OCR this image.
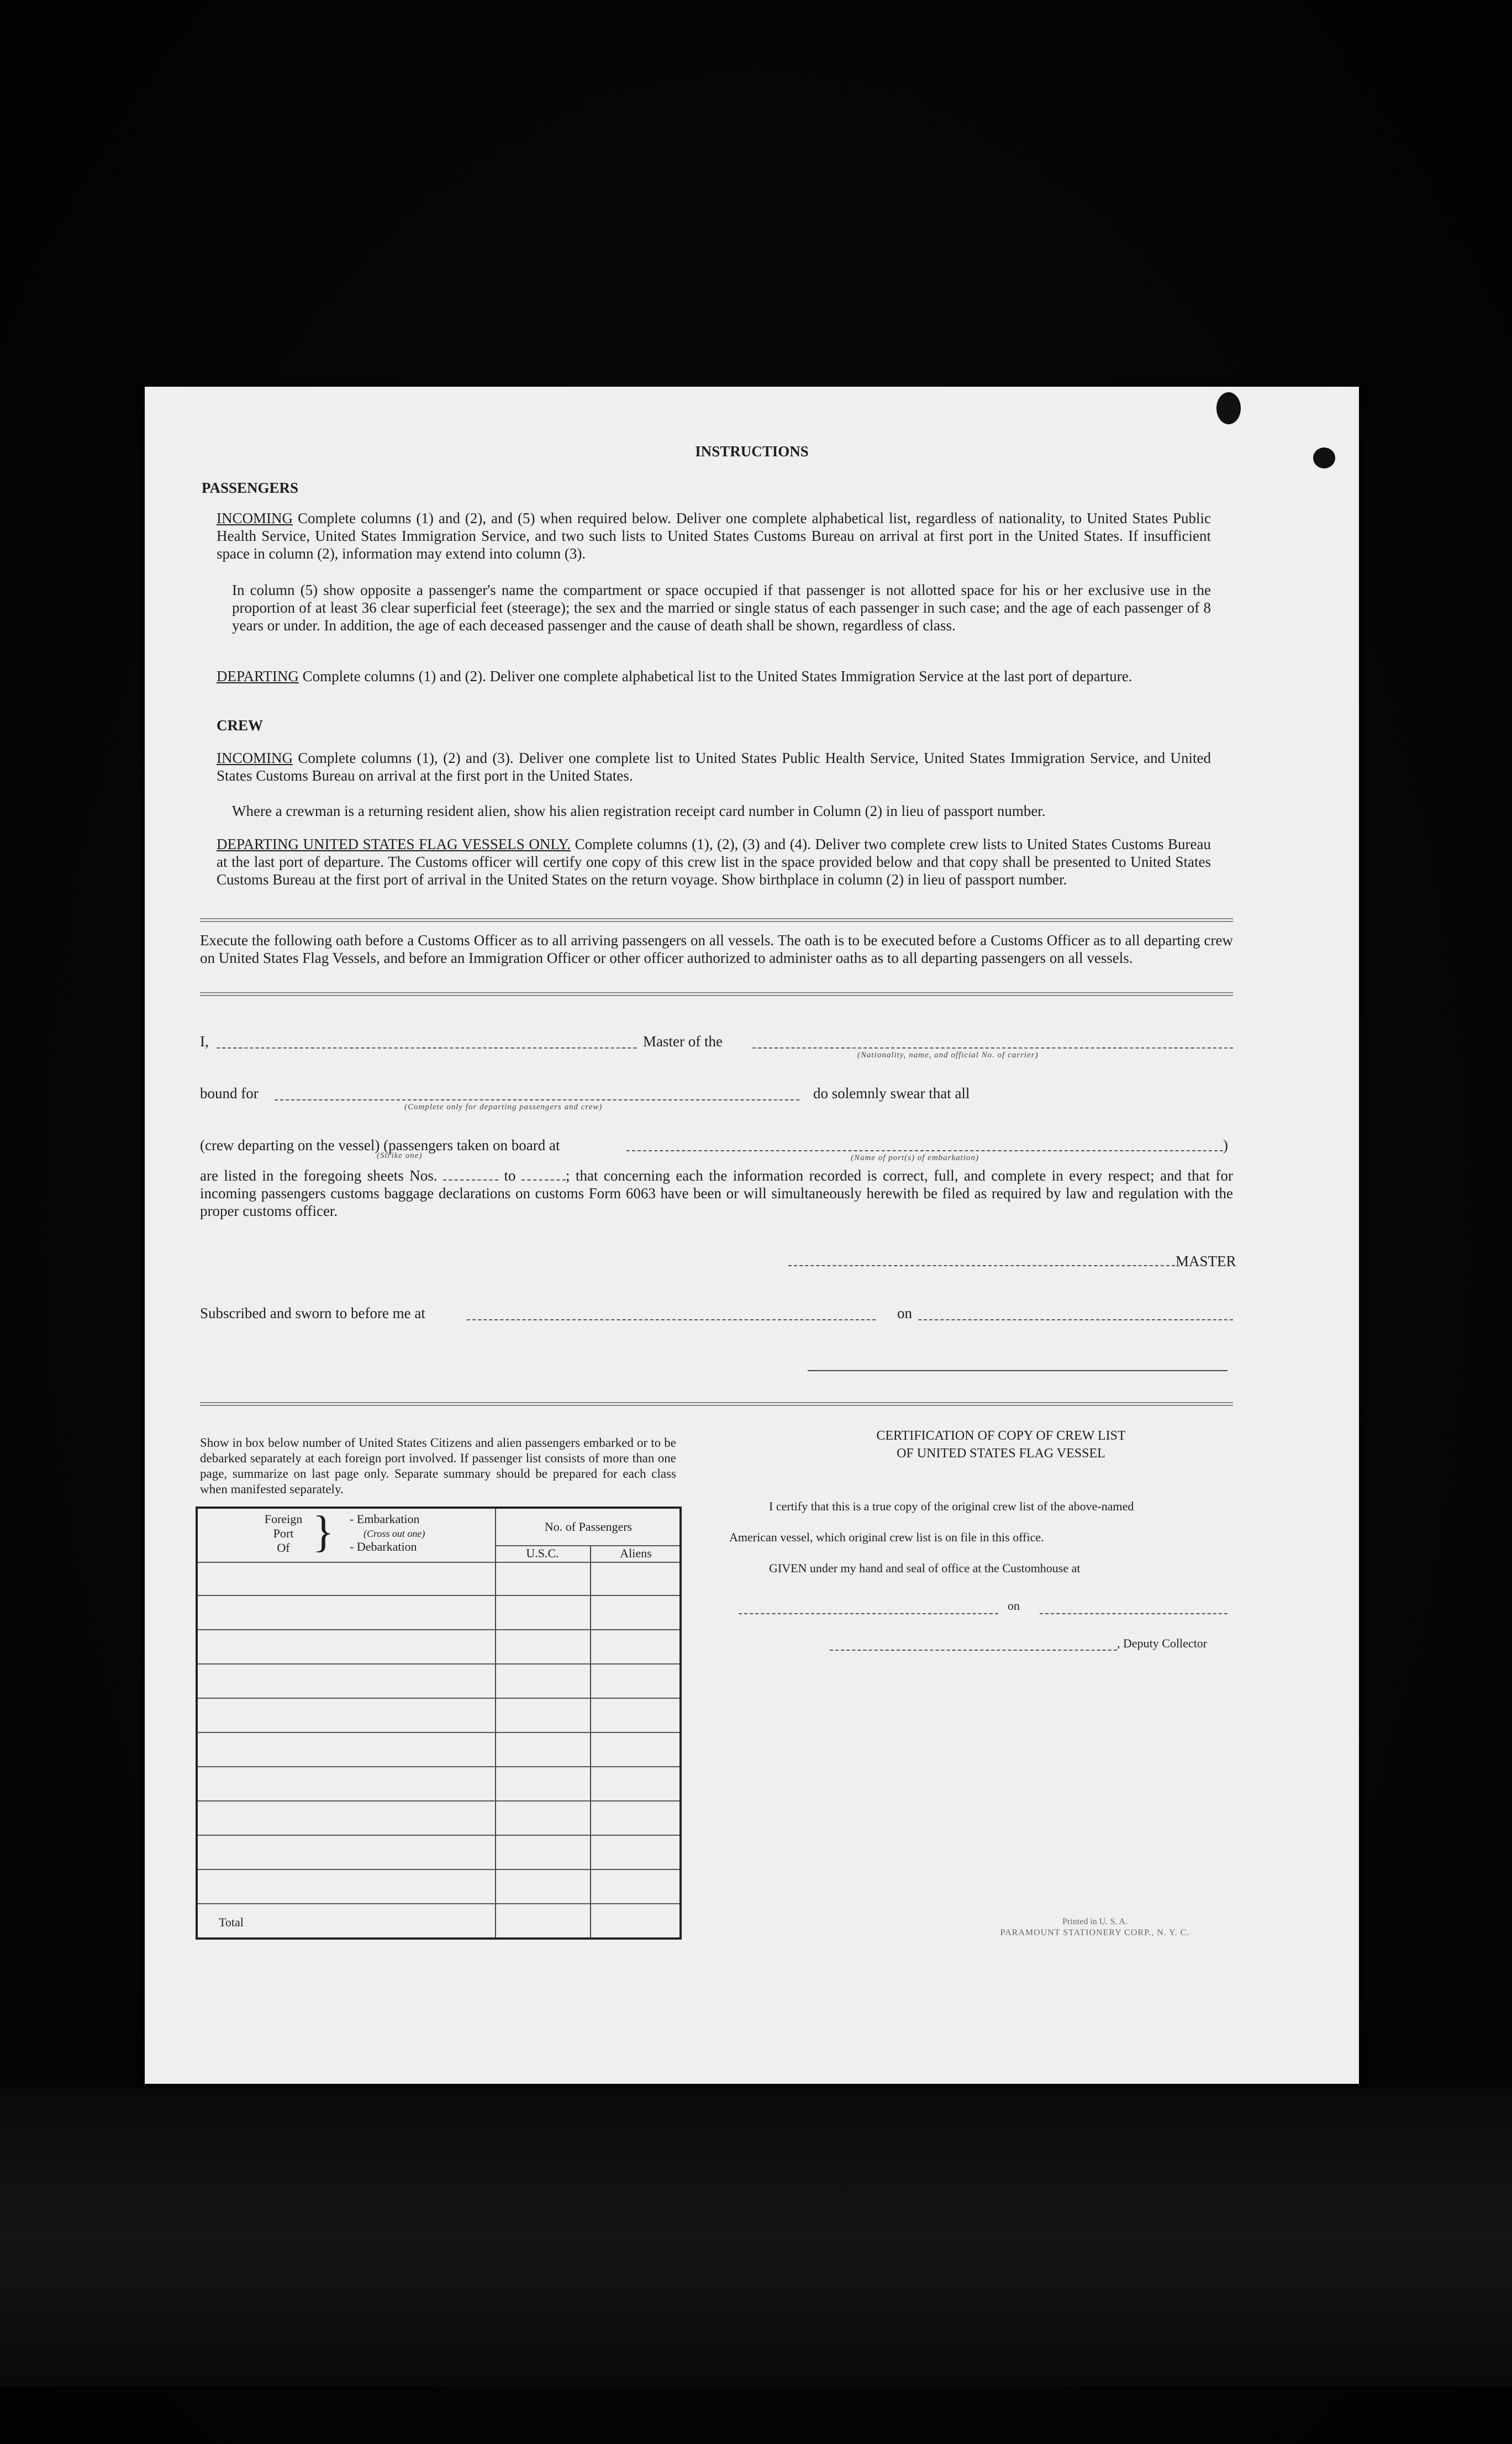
INSTRUCTIONS
PASSENGERS
INCOMING Complete columns (1) and (2), and (5) when required below. Deliver one complete alphabetical list, regardless of nationality, to United States Public Health Service, United States Immigration Service, and two such lists to United States Customs Bureau on arrival at first port in the United States. If insufficient space in column (2), information may extend into column (3).
In column (5) show opposite a passenger's name the compartment or space occupied if that passenger is not allotted space for his or her exclusive use in the proportion of at least 36 clear superficial feet (steerage); the sex and the married or single status of each passenger in such case; and the age of each passenger of 8 years or under. In addition, the age of each deceased passenger and the cause of death shall be shown, regardless of class.
DEPARTING Complete columns (1) and (2). Deliver one complete alphabetical list to the United States Immigration Service at the last port of departure.
CREW
INCOMING Complete columns (1), (2) and (3). Deliver one complete list to United States Public Health Service, United States Immigration Service, and United States Customs Bureau on arrival at the first port in the United States.
Where a crewman is a returning resident alien, show his alien registration receipt card number in Column (2) in lieu of passport number.
DEPARTING UNITED STATES FLAG VESSELS ONLY. Complete columns (1), (2), (3) and (4). Deliver two complete crew lists to United States Customs Bureau at the last port of departure. The Customs officer will certify one copy of this crew list in the space provided below and that copy shall be presented to United States Customs Bureau at the first port of arrival in the United States on the return voyage. Show birthplace in column (2) in lieu of passport number.
Execute the following oath before a Customs Officer as to all arriving passengers on all vessels. The oath is to be executed before a Customs Officer as to all departing crew on United States Flag Vessels, and before an Immigration Officer or other officer authorized to administer oaths as to all departing passengers on all vessels.
I,	Master of the
(Nationality, name, and official No. of carrier)
bound for
(Complete only for departing passengers and crew)
do solemnly swear that all
(crew departing on the vessel) (passengers taken on board at
(Strike one)	(Name of port(s) of embarkation)
)
are listed in the foregoing sheets Nos.	to	; that concerning each the information recorded is correct, full, and complete in every respect; and that for incoming passengers customs baggage declarations on customs Form 6063 have been or will simultaneously herewith be filed as required by law and regulation with the proper customs officer.
MASTER
Subscribed and sworn to before me at	on
Show in box below number of United States Citizens and alien passengers embarked or to be debarked separately at each foreign port involved. If passenger list consists of more than one page, summarize on last page only. Separate summary should be prepared for each class when manifested separately.
Foreign
Port
Of } - Embarkation
(Cross out one)
- Debarkation
No. of Passengers
U.S.C.	Aliens
Total
CERTIFICATION OF COPY OF CREW LIST
OF UNITED STATES FLAG VESSEL
I certify that this is a true copy of the original crew list of the above-named
American vessel, which original crew list is on file in this office.
GIVEN under my hand and seal of office at the Customhouse at
on
, Deputy Collector
Printed in U. S. A.
PARAMOUNT STATIONERY CORP., N. Y. C.
